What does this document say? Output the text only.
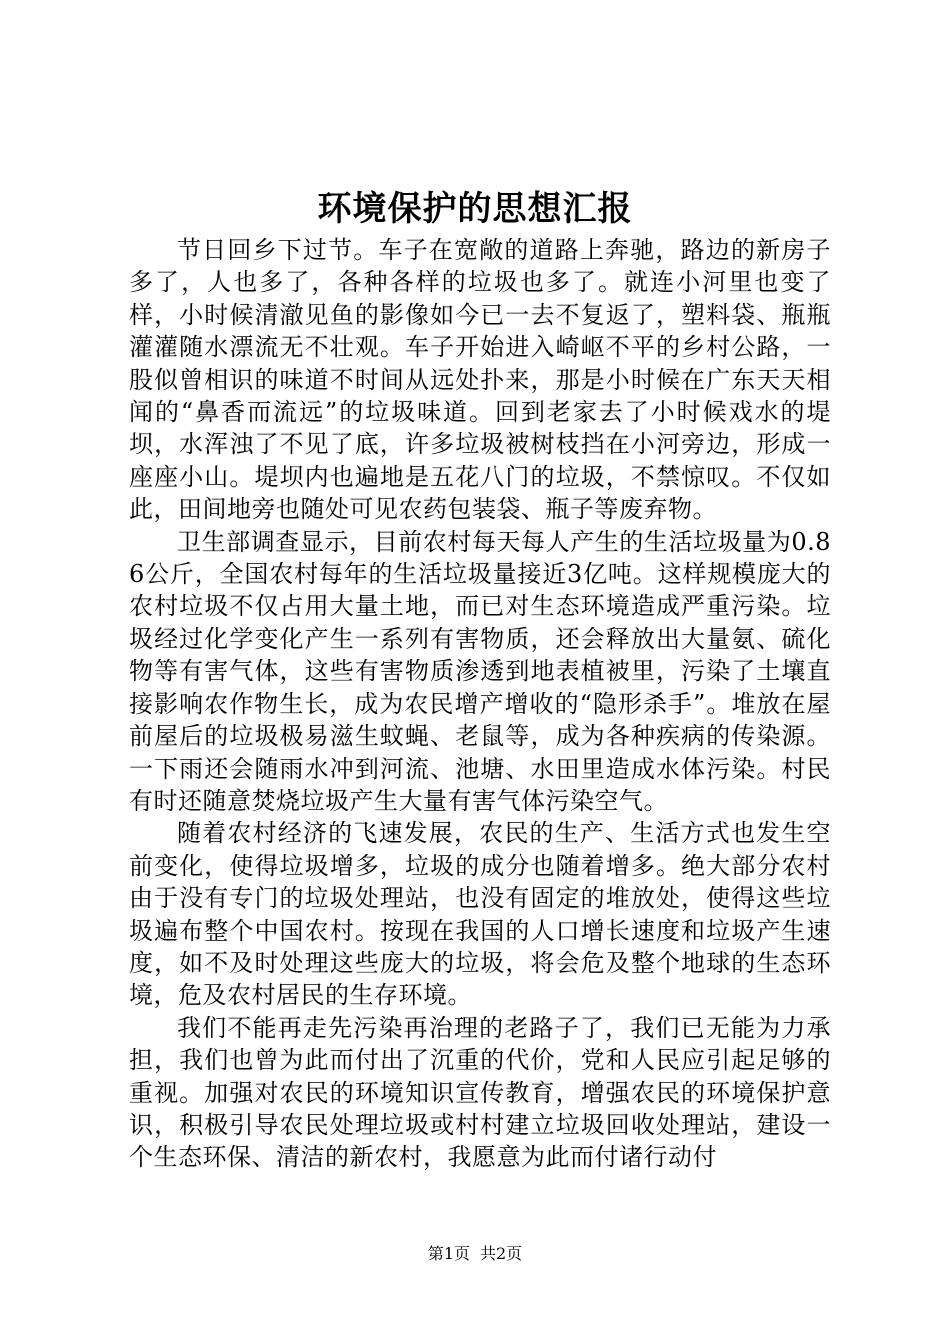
环境保护的思想汇报

节日回乡下过节。车子在宽敞的道路上奔驰，路边的新房子多了，人也多了，各种各样的垃圾也多了。就连小河里也变了样，小时候清澈见鱼的影像如今已一去不复返了，塑料袋、瓶瓶灌灌随水漂流无不壮观。车子开始进入崎岖不平的乡村公路，一股似曾相识的味道不时间从远处扑来，那是小时候在广东天天相闻的“鼻香而流远”的垃圾味道。回到老家去了小时候戏水的堤坝，水浑浊了不见了底，许多垃圾被树枝挡在小河旁边，形成一座座小山。堤坝内也遍地是五花八门的垃圾，不禁惊叹。不仅如此，田间地旁也随处可见农药包装袋、瓶子等废弃物。

卫生部调查显示，目前农村每天每人产生的生活垃圾量为0.86公斤，全国农村每年的生活垃圾量接近3亿吨。这样规模庞大的农村垃圾不仅占用大量土地，而已对生态环境造成严重污染。垃圾经过化学变化产生一系列有害物质，还会释放出大量氨、硫化物等有害气体，这些有害物质渗透到地表植被里，污染了土壤直接影响农作物生长，成为农民增产增收的“隐形杀手”。堆放在屋前屋后的垃圾极易滋生蚊蝇、老鼠等，成为各种疾病的传染源。一下雨还会随雨水冲到河流、池塘、水田里造成水体污染。村民有时还随意焚烧垃圾产生大量有害气体污染空气。

随着农村经济的飞速发展，农民的生产、生活方式也发生空前变化，使得垃圾增多，垃圾的成分也随着增多。绝大部分农村由于没有专门的垃圾处理站，也没有固定的堆放处，使得这些垃圾遍布整个中国农村。按现在我国的人口增长速度和垃圾产生速度，如不及时处理这些庞大的垃圾，将会危及整个地球的生态环境，危及农村居民的生存环境。

我们不能再走先污染再治理的老路子了，我们已无能为力承担，我们也曾为此而付出了沉重的代价，党和人民应引起足够的重视。加强对农民的环境知识宣传教育，增强农民的环境保护意识，积极引导农民处理垃圾或村村建立垃圾回收处理站，建设一个生态环保、清洁的新农村，我愿意为此而付诸行动付

第1页 共2页
